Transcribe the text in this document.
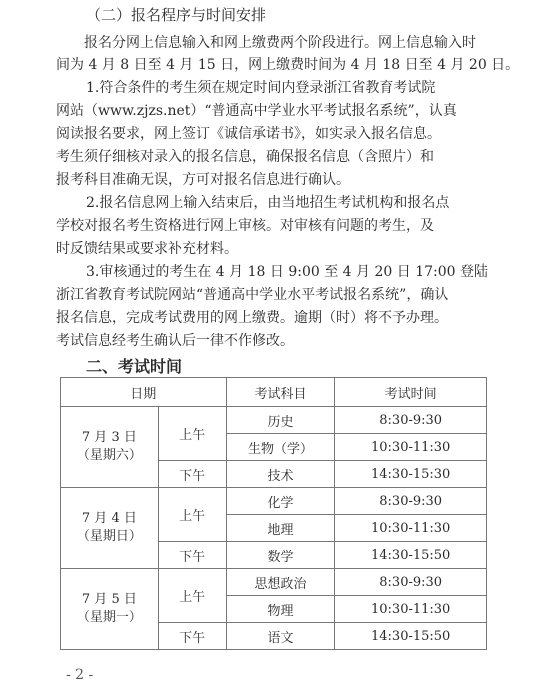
（二）报名程序与时间安排
报名分网上信息输入和网上缴费两个阶段进行。网上信息输入时
间为 4 月 8 日至 4 月 15 日，网上缴费时间为 4 月 18 日至 4 月 20 日。
1.符合条件的考生须在规定时间内登录浙江省教育考试院
网站（www.zjzs.net）“普通高中学业水平考试报名系统”，认真
阅读报名要求，网上签订《诚信承诺书》，如实录入报名信息。
考生须仔细核对录入的报名信息，确保报名信息（含照片）和
报考科目准确无误，方可对报名信息进行确认。
2.报名信息网上输入结束后，由当地招生考试机构和报名点
学校对报名考生资格进行网上审核。对审核有问题的考生，及
时反馈结果或要求补充材料。
3.审核通过的考生在 4 月 18 日 9:00 至 4 月 20 日 17:00 登陆
浙江省教育考试院网站“普通高中学业水平考试报名系统”，确认
报名信息，完成考试费用的网上缴费。逾期（时）将不予办理。
考试信息经考生确认后一律不作修改。
二、考试时间
日期		考试科目	考试时间

7 月 3 日
（星期六）	上午	历史	8:30-9:30
		生物（学）	10:30-11:30
	下午	技术	14:30-15:30

7 月 4 日
（星期日）	上午	化学	8:30-9:30
		地理	10:30-11:30
	下午	数学	14:30-15:50

7 月 5 日
（星期一）	上午	思想政治	8:30-9:30
		物理	10:30-11:30
	下午	语文	14:30-15:50
- 2 -
